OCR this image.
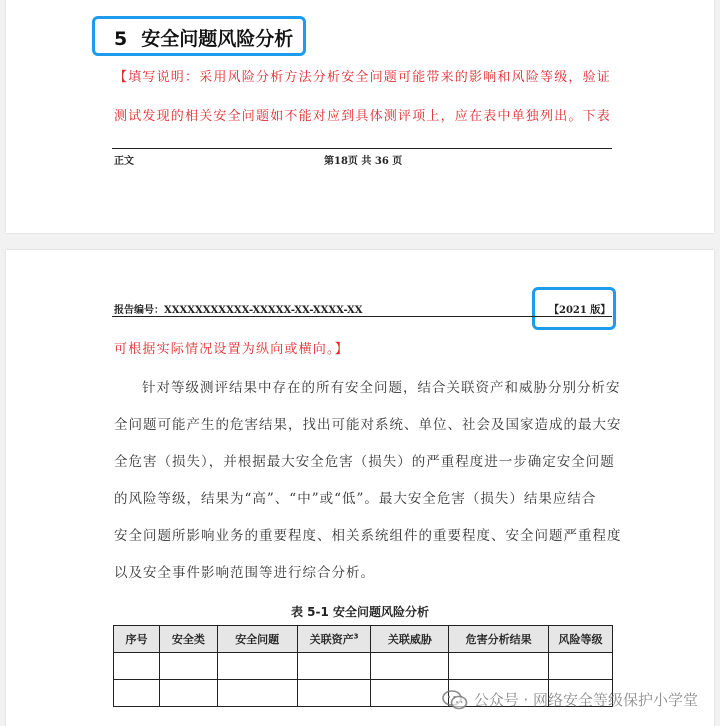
5 安全问题风险分析
【填写说明：采用风险分析方法分析安全问题可能带来的影响和风险等级，验证
测试发现的相关安全问题如不能对应到具体测评项上，应在表中单独列出。下表
正文	第18页 共 36 页
报告编号：XXXXXXXXXXX-XXXXX-XX-XXXX-XX	【2021 版】
可根据实际情况设置为纵向或横向。】
针对等级测评结果中存在的所有安全问题，结合关联资产和威胁分别分析安
全问题可能产生的危害结果，找出可能对系统、单位、社会及国家造成的最大安
全危害（损失），并根据最大安全危害（损失）的严重程度进一步确定安全问题
的风险等级，结果为“高”、“中”或“低”。最大安全危害（损失）结果应结合
安全问题所影响业务的重要程度、相关系统组件的重要程度、安全问题严重程度
以及安全事件影响范围等进行综合分析。
表 5-1 安全问题风险分析
序号	安全类	安全问题	关联资产$^3$	关联威胁	危害分析结果	风险等级

公众号 · 网络安全等级保护小学堂
